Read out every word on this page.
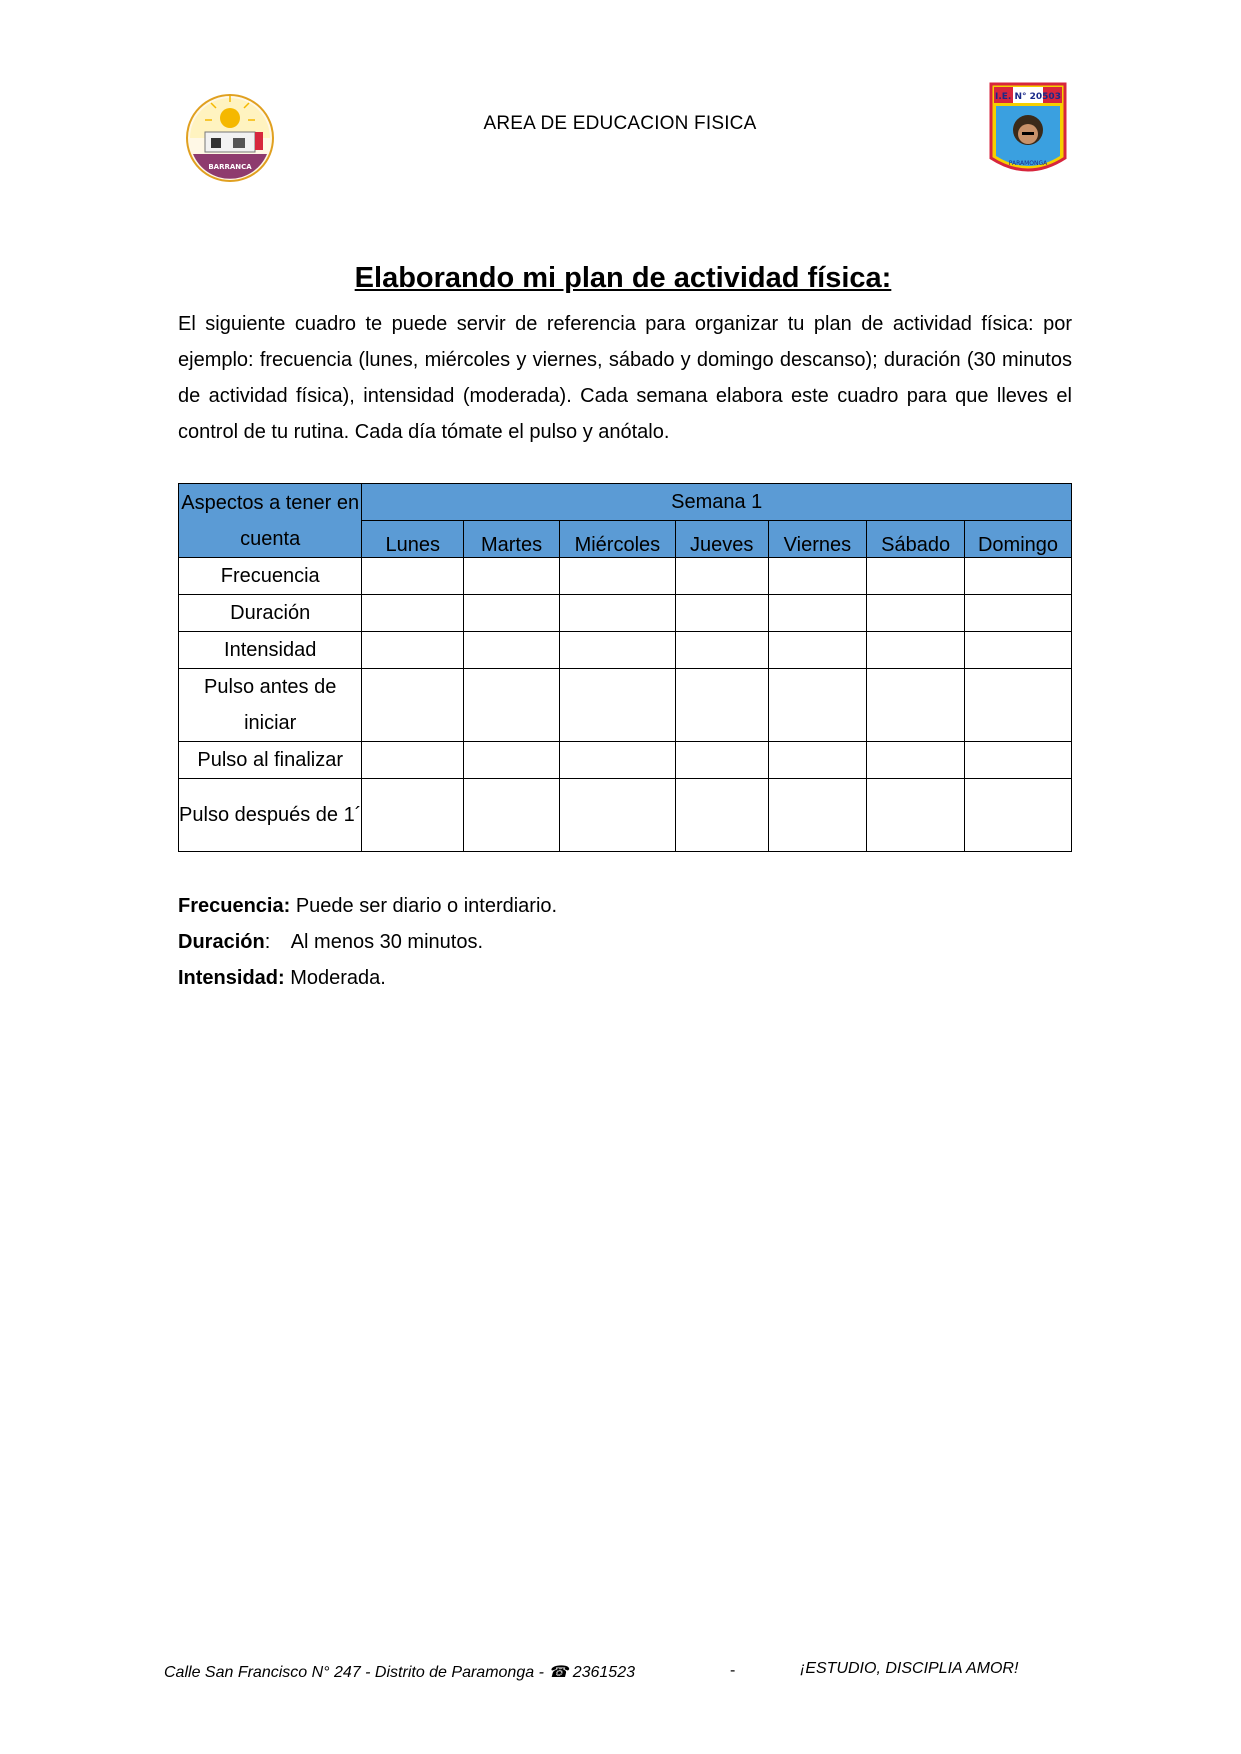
BARRANCA
AREA DE EDUCACION FISICA
I.E. N° 20503
PARAMONGA
Elaborando mi plan de actividad física:

El siguiente cuadro te puede servir de referencia para organizar tu plan de actividad física: por ejemplo: frecuencia (lunes, miércoles y viernes, sábado y domingo descanso); duración (30 minutos de actividad física), intensidad (moderada). Cada semana elabora este cuadro para que lleves el control de tu rutina. Cada día tómate el pulso y anótalo.

Aspectos a tener en cuenta	Semana 1						
	Lunes	Martes	Miércoles	Jueves	Viernes	Sábado	Domingo
Frecuencia							
Duración							
Intensidad							
Pulso antes de iniciar							
Pulso al finalizar							
Pulso después de 1´							
Frecuencia: Puede ser diario o interdiario.
Duración: Al menos 30 minutos.
Intensidad: Moderada.
Calle San Francisco N° 247 - Distrito de Paramonga - ☎ 2361523	-	¡ESTUDIO, DISCIPLIA AMOR!
